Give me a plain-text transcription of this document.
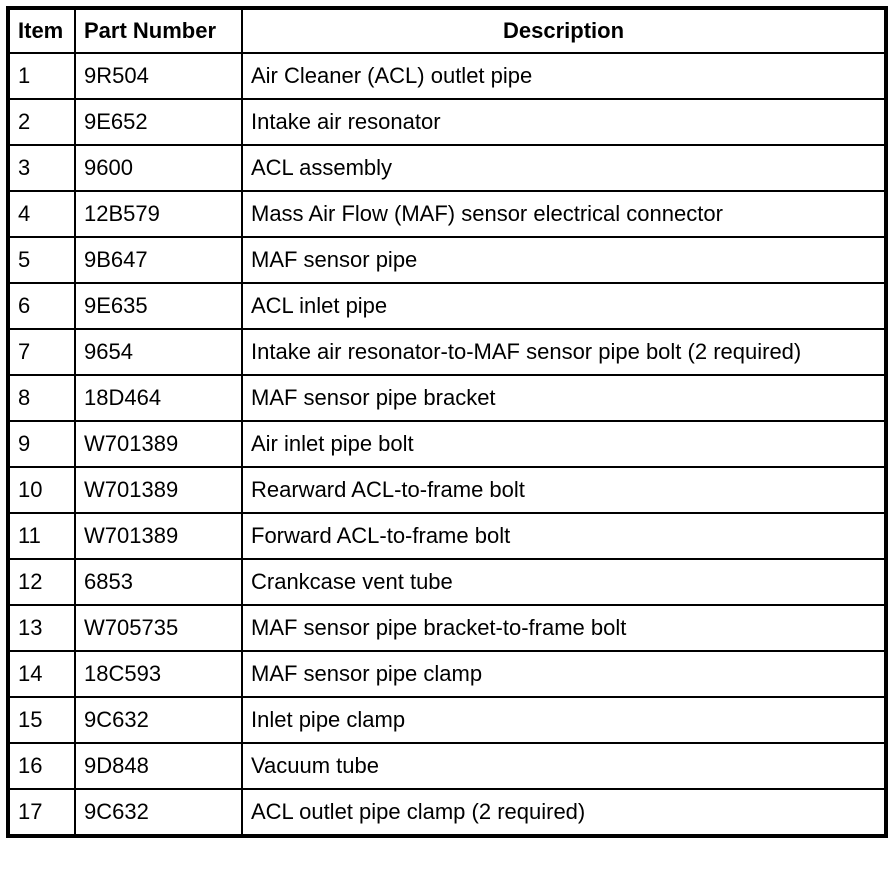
Item	Part Number	Description
1	9R504	Air Cleaner (ACL) outlet pipe
2	9E652	Intake air resonator
3	9600	ACL assembly
4	12B579	Mass Air Flow (MAF) sensor electrical connector
5	9B647	MAF sensor pipe
6	9E635	ACL inlet pipe
7	9654	Intake air resonator-to-MAF sensor pipe bolt (2 required)
8	18D464	MAF sensor pipe bracket
9	W701389	Air inlet pipe bolt
10	W701389	Rearward ACL-to-frame bolt
11	W701389	Forward ACL-to-frame bolt
12	6853	Crankcase vent tube
13	W705735	MAF sensor pipe bracket-to-frame bolt
14	18C593	MAF sensor pipe clamp
15	9C632	Inlet pipe clamp
16	9D848	Vacuum tube
17	9C632	ACL outlet pipe clamp (2 required)
